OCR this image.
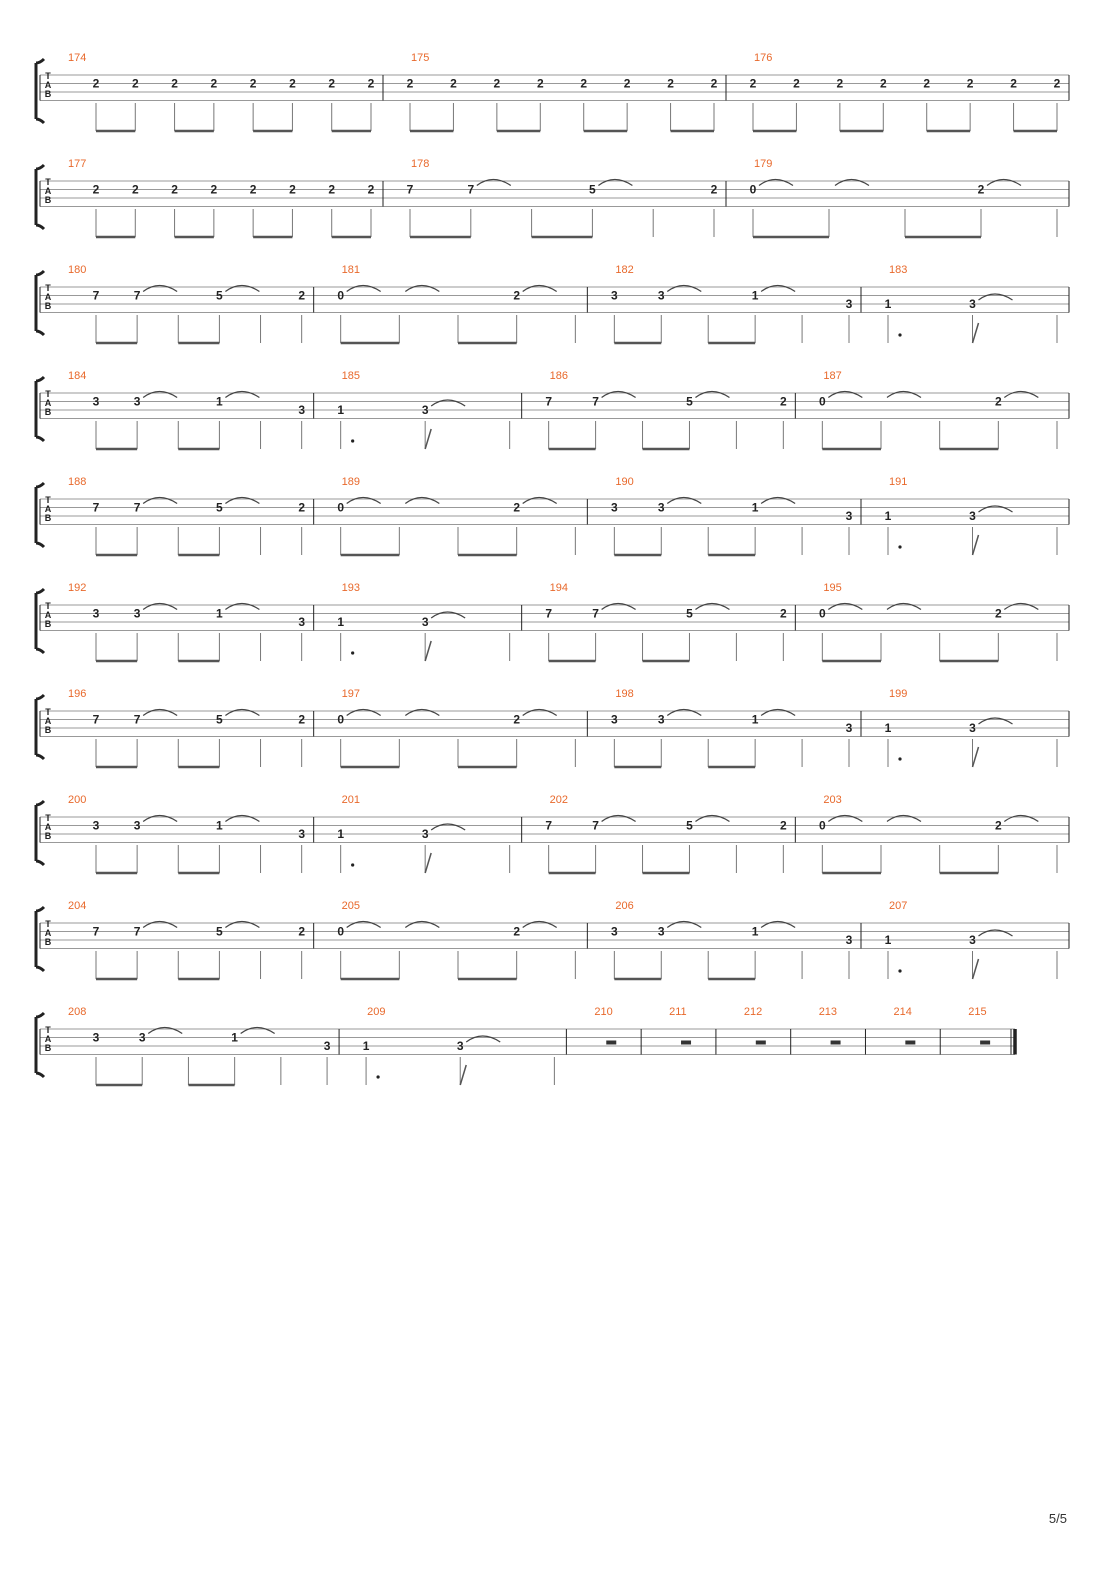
T
A
B
174
2	2	2	2	2	2	2	2
175
2	2	2	2	2	2	2	2
176
2	2	2	2	2	2	2	2
T
A
B
177
2	2	2	2	2	2	2	2
178
7	7	5	2
179
0	2
T
A
B
180
7	7	5	2
181
0	2
182
3	3	1
3
183
1	3
T
A
B
184
3	3	1
3
185
1	3
186
7	7	5	2
187
0	2
T
A
B
188
7	7	5	2
189
0	2
190
3	3	1
3
191
1	3
T
A
B
192
3	3	1
3
193
1	3
194
7	7	5	2
195
0	2
T
A
B
196
7	7	5	2
197
0	2
198
3	3	1
3
199
1	3
T
A
B
200
3	3	1
3
201
1	3
202
7	7	5	2
203
0	2
T
A
B
204
7	7	5	2
205
0	2
206
3	3	1
3
207
1	3
T
A
B
208
3	3	1
3
209
1	3
210	211	212	213	214	215
5/5
